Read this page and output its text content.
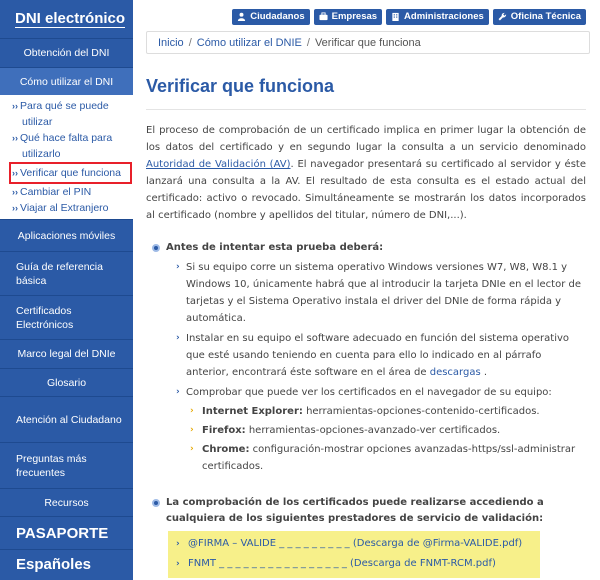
DNI electrónico
Obtención del DNI
Cómo utilizar el DNI
›› Para qué se puede utilizar
›› Qué hace falta para utilizarlo
›› Verificar que funciona
›› Cambiar el PIN
›› Viajar al Extranjero
Aplicaciones móviles
Guía de referencia básica
Certificados Electrónicos
Marco legal del DNIe
Glosario
Atención al Ciudadano
Preguntas más frecuentes
Recursos
PASAPORTE
Españoles
Ciudadanos	Empresas	Administraciones	Oficina Técnica
Inicio / Cómo utilizar el DNIE / Verificar que funciona
Verificar que funciona

El proceso de comprobación de un certificado implica en primer lugar la obtención de los datos del certificado y en segundo lugar la consulta a un servicio denominado Autoridad de Validación (AV). El navegador presentará su certificado al servidor y éste lanzará una consulta a la AV. El resultado de esta consulta es el estado actual del certificado: activo o revocado. Simultáneamente se mostrarán los datos incorporados al certificado (nombre y apellidos del titular, número de DNI,...).

Antes de intentar esta prueba deberá:
› Si su equipo corre un sistema operativo Windows versiones W7, W8, W8.1 y Windows 10, únicamente habrá que al introducir la tarjeta DNIe en el lector de tarjetas y el Sistema Operativo instala el driver del DNIe de forma rápida y automática.
› Instalar en su equipo el software adecuado en función del sistema operativo que esté usando teniendo en cuenta para ello lo indicado en al párrafo anterior, encontrará éste software en el área de descargas .
› Comprobar que puede ver los certificados en el navegador de su equipo:
› Internet Explorer: herramientas-opciones-contenido-certificados.
› Firefox: herramientas-opciones-avanzado-ver certificados.
› Chrome: configuración-mostrar opciones avanzadas-https/ssl-administrar certificados.
La comprobación de los certificados puede realizarse accediendo a cualquiera de los siguientes prestadores de servicio de validación:
› @FIRMA – VALIDE _ _ _ _ _ _ _ _ _ (Descarga de @Firma-VALIDE.pdf)
› FNMT _ _ _ _ _ _ _ _ _ _ _ _ _ _ _ _ (Descarga de FNMT-RCM.pdf)
